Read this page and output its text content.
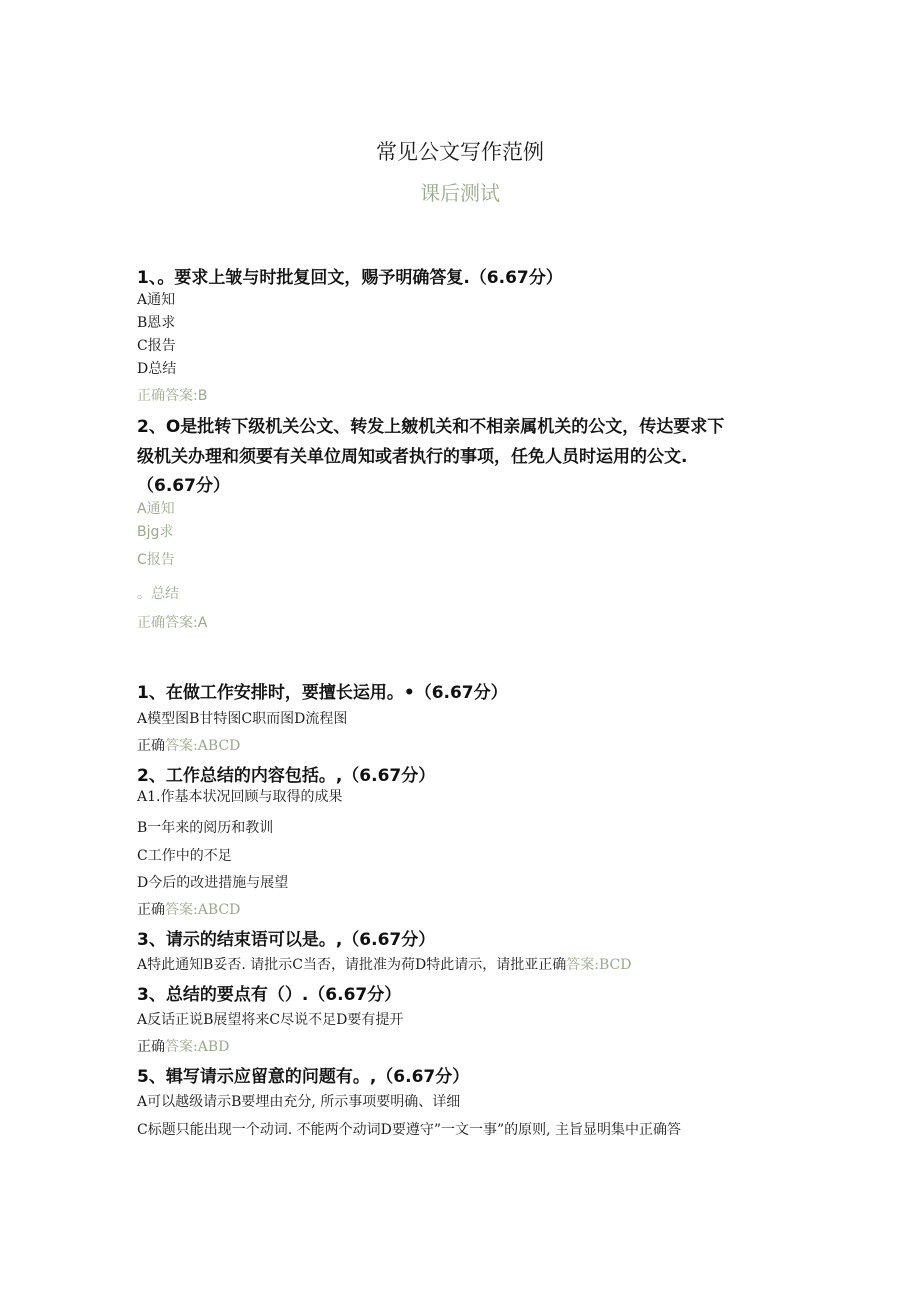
常见公文写作范例
课后测试
1、。要求上皱与时批复回文，赐予明确答复.（6.67分）
A通知
B恩求
C报告
D总结
正确答案:B
2、O是批转下级机关公文、转发上皴机关和不相亲属机关的公文，传达要求下
级机关办理和须要有关单位周知或者执行的事项，任免人员时运用的公文.
（6.67分）
A通知
Bjg求
C报告
。总结
正确答案:A
1、在做工作安排时，要擅长运用。•（6.67分）
A模型图B甘特图C职而图D流程图
正确答案:ABCD
2、工作总结的内容包括。,（6.67分）
A1.作基本状况回顾与取得的成果
B一年来的阅历和教训
C工作中的不足
D今后的改进措施与展望
正确答案:ABCD
3、请示的结束语可以是。,（6.67分）
A特此通知B妥否. 请批示C当否，请批准为荷D特此请示，请批亚正确答案:BCD
3、总结的要点有（）.（6.67分）
A反话正说B展望将来C尽说不足D要有提开
正确答案:ABD
5、辑写请示应留意的问题有。,（6.67分）
A可以越级请示B要埋由充分, 所示事项要明确、详细
C标题只能出现一个动词. 不能两个动词D要遵守”一文一事”的原则, 主旨显明集中正确答
